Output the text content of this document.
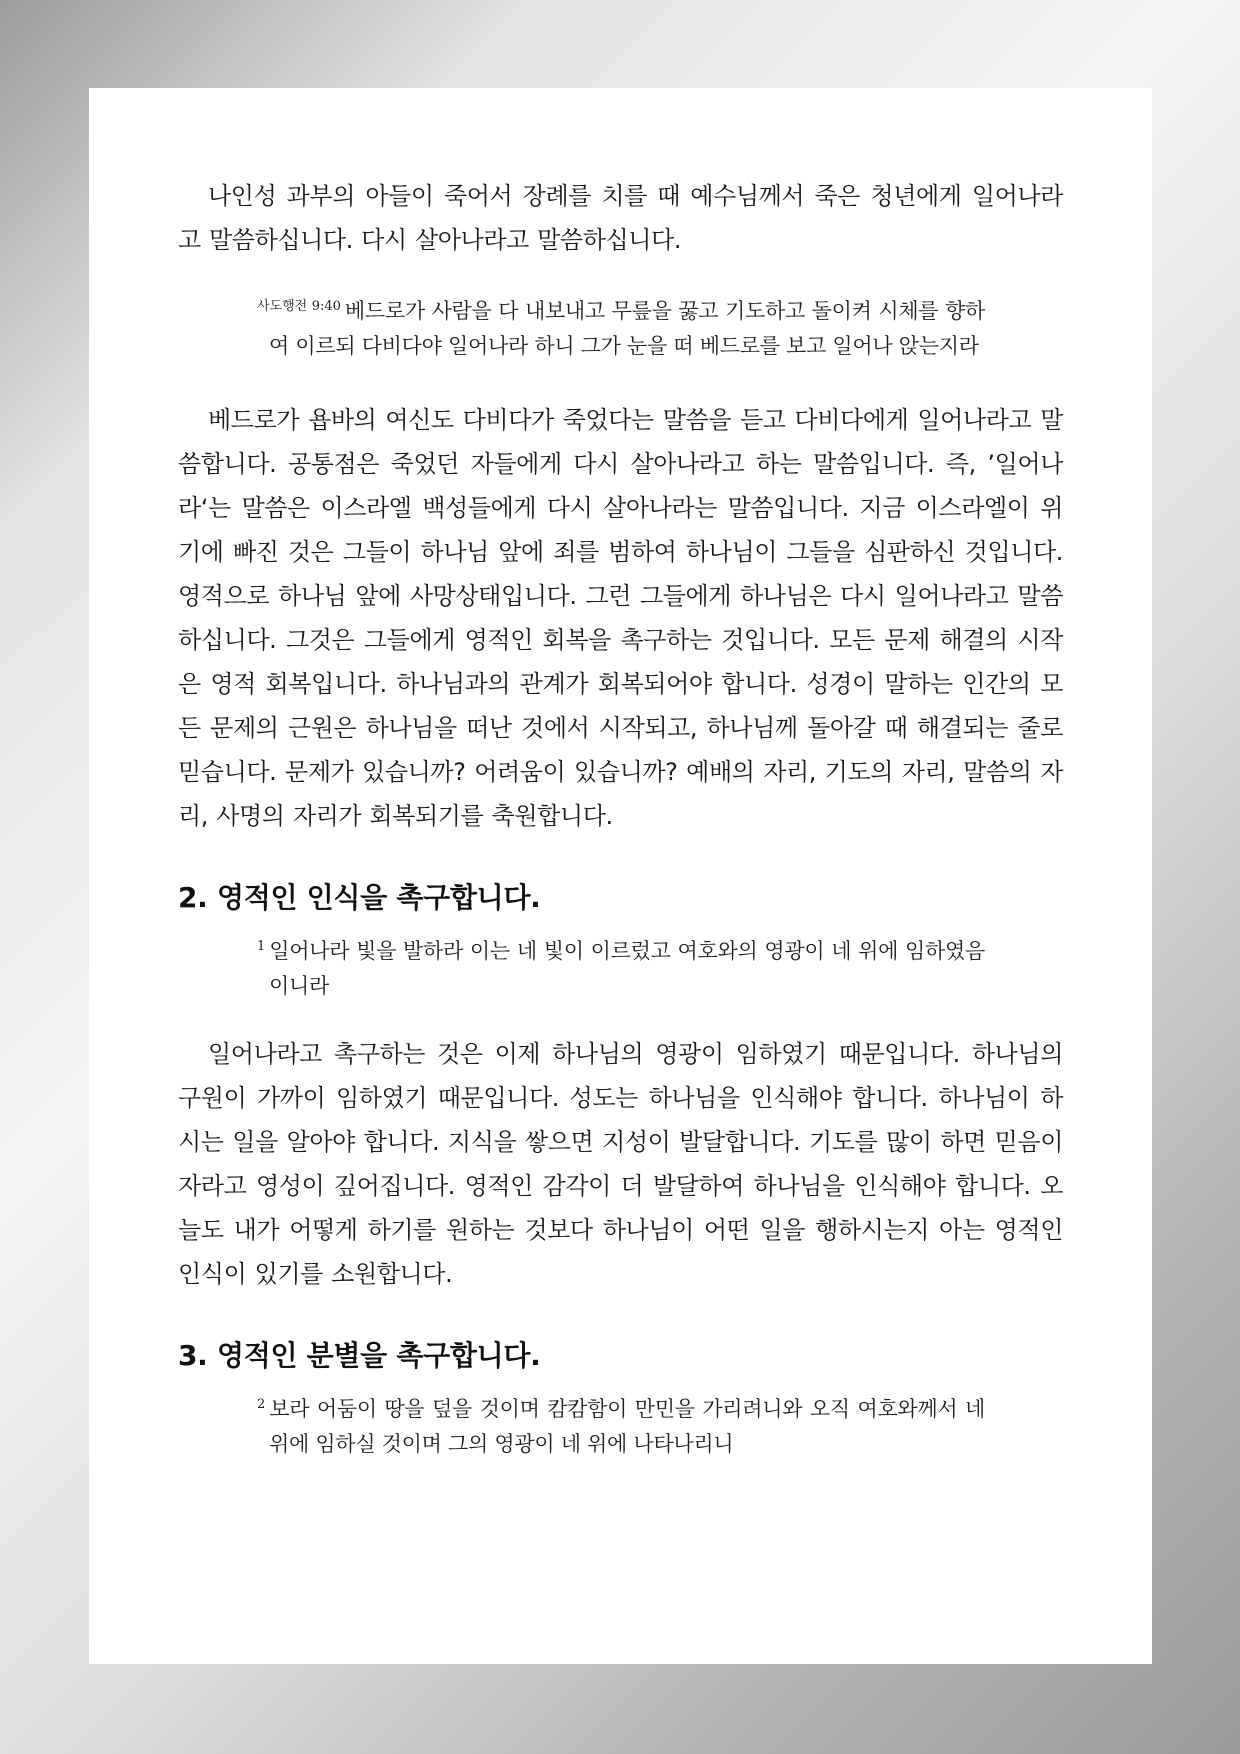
나인성 과부의 아들이 죽어서 장례를 치를 때 예수님께서 죽은 청년에게 일어나라고 말씀하십니다. 다시 살아나라고 말씀하십니다.

$^{사도행전 9:40}$ 베드로가 사람을 다 내보내고 무릎을 꿇고 기도하고 돌이켜 시체를 향하여 이르되 다비다야 일어나라 하니 그가 눈을 떠 베드로를 보고 일어나 앉는지라

베드로가 욥바의 여신도 다비다가 죽었다는 말씀을 듣고 다비다에게 일어나라고 말씀합니다. 공통점은 죽었던 자들에게 다시 살아나라고 하는 말씀입니다. 즉, ’일어나라‘는 말씀은 이스라엘 백성들에게 다시 살아나라는 말씀입니다. 지금 이스라엘이 위기에 빠진 것은 그들이 하나님 앞에 죄를 범하여 하나님이 그들을 심판하신 것입니다. 영적으로 하나님 앞에 사망상태입니다. 그런 그들에게 하나님은 다시 일어나라고 말씀하십니다. 그것은 그들에게 영적인 회복을 촉구하는 것입니다. 모든 문제 해결의 시작은 영적 회복입니다. 하나님과의 관계가 회복되어야 합니다. 성경이 말하는 인간의 모든 문제의 근원은 하나님을 떠난 것에서 시작되고, 하나님께 돌아갈 때 해결되는 줄로 믿습니다. 문제가 있습니까? 어려움이 있습니까? 예배의 자리, 기도의 자리, 말씀의 자리, 사명의 자리가 회복되기를 축원합니다.

2. 영적인 인식을 촉구합니다.

$^1$ 일어나라 빛을 발하라 이는 네 빛이 이르렀고 여호와의 영광이 네 위에 임하였음이니라

일어나라고 촉구하는 것은 이제 하나님의 영광이 임하였기 때문입니다. 하나님의 구원이 가까이 임하였기 때문입니다. 성도는 하나님을 인식해야 합니다. 하나님이 하시는 일을 알아야 합니다. 지식을 쌓으면 지성이 발달합니다. 기도를 많이 하면 믿음이 자라고 영성이 깊어집니다. 영적인 감각이 더 발달하여 하나님을 인식해야 합니다. 오늘도 내가 어떻게 하기를 원하는 것보다 하나님이 어떤 일을 행하시는지 아는 영적인 인식이 있기를 소원합니다.

3. 영적인 분별을 촉구합니다.

$^2$ 보라 어둠이 땅을 덮을 것이며 캄캄함이 만민을 가리려니와 오직 여호와께서 네 위에 임하실 것이며 그의 영광이 네 위에 나타나리니
